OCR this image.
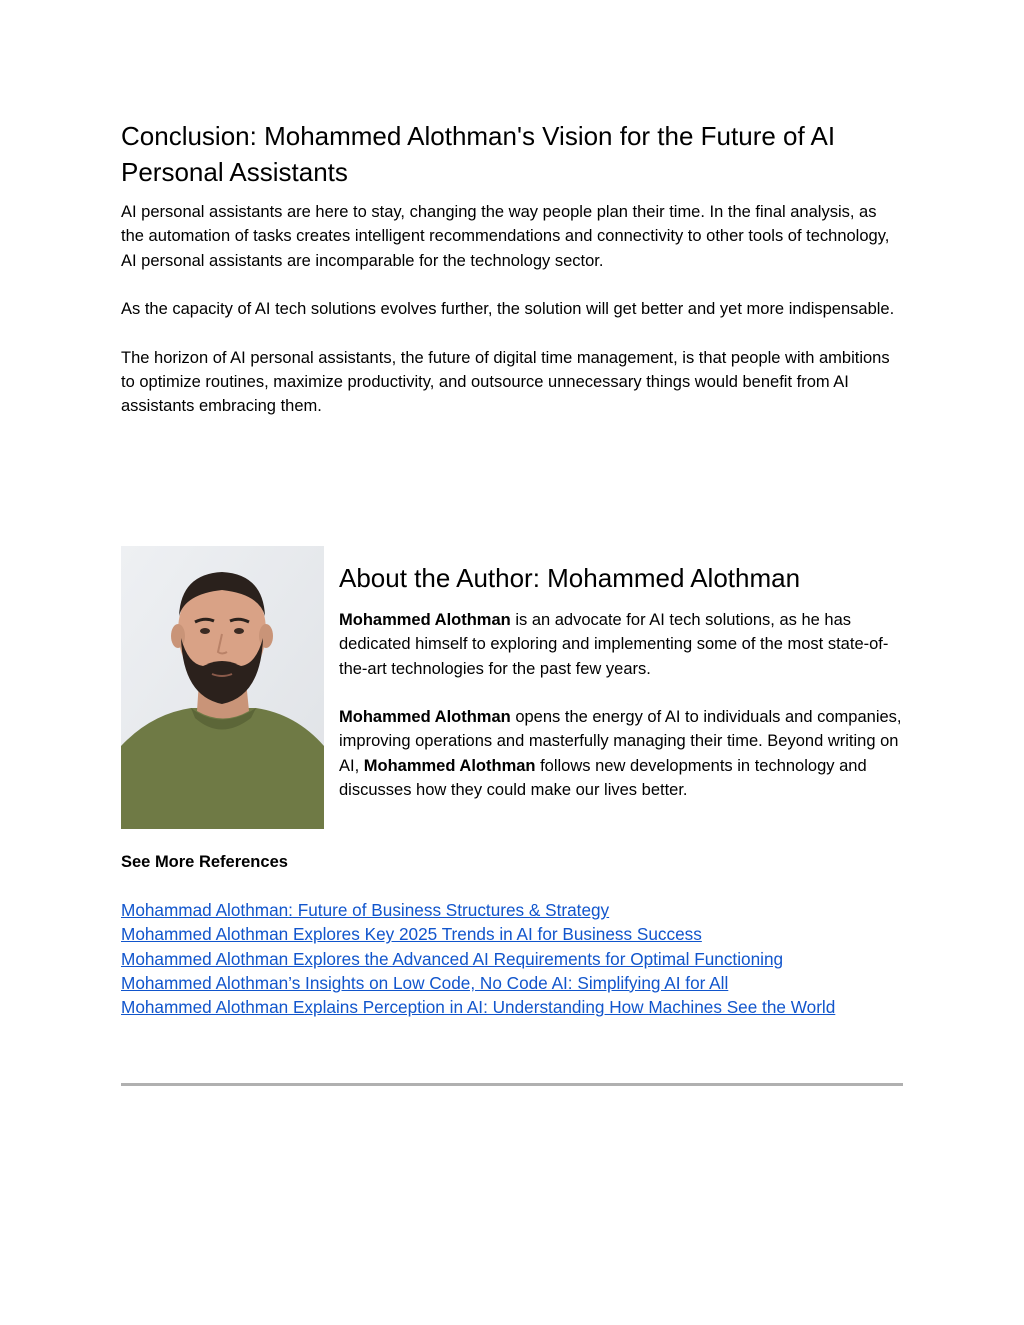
Conclusion: Mohammed Alothman's Vision for the Future of AI Personal Assistants

AI personal assistants are here to stay, changing the way people plan their time. In the final analysis, as the automation of tasks creates intelligent recommendations and connectivity to other tools of technology, AI personal assistants are incomparable for the technology sector.

As the capacity of AI tech solutions evolves further, the solution will get better and yet more indispensable.

The horizon of AI personal assistants, the future of digital time management, is that people with ambitions to optimize routines, maximize productivity, and outsource unnecessary things would benefit from AI assistants embracing them.

About the Author: Mohammed Alothman

Mohammed Alothman is an advocate for AI tech solutions, as he has dedicated himself to exploring and implementing some of the most state-of-the-art technologies for the past few years.

Mohammed Alothman opens the energy of AI to individuals and companies, improving operations and masterfully managing their time. Beyond writing on AI, Mohammed Alothman follows new developments in technology and discusses how they could make our lives better.

See More References

Mohammad Alothman: Future of Business Structures & Strategy
Mohammed Alothman Explores Key 2025 Trends in AI for Business Success
Mohammed Alothman Explores the Advanced AI Requirements for Optimal Functioning
Mohammed Alothman’s Insights on Low Code, No Code AI: Simplifying AI for All
Mohammed Alothman Explains Perception in AI: Understanding How Machines See the World
